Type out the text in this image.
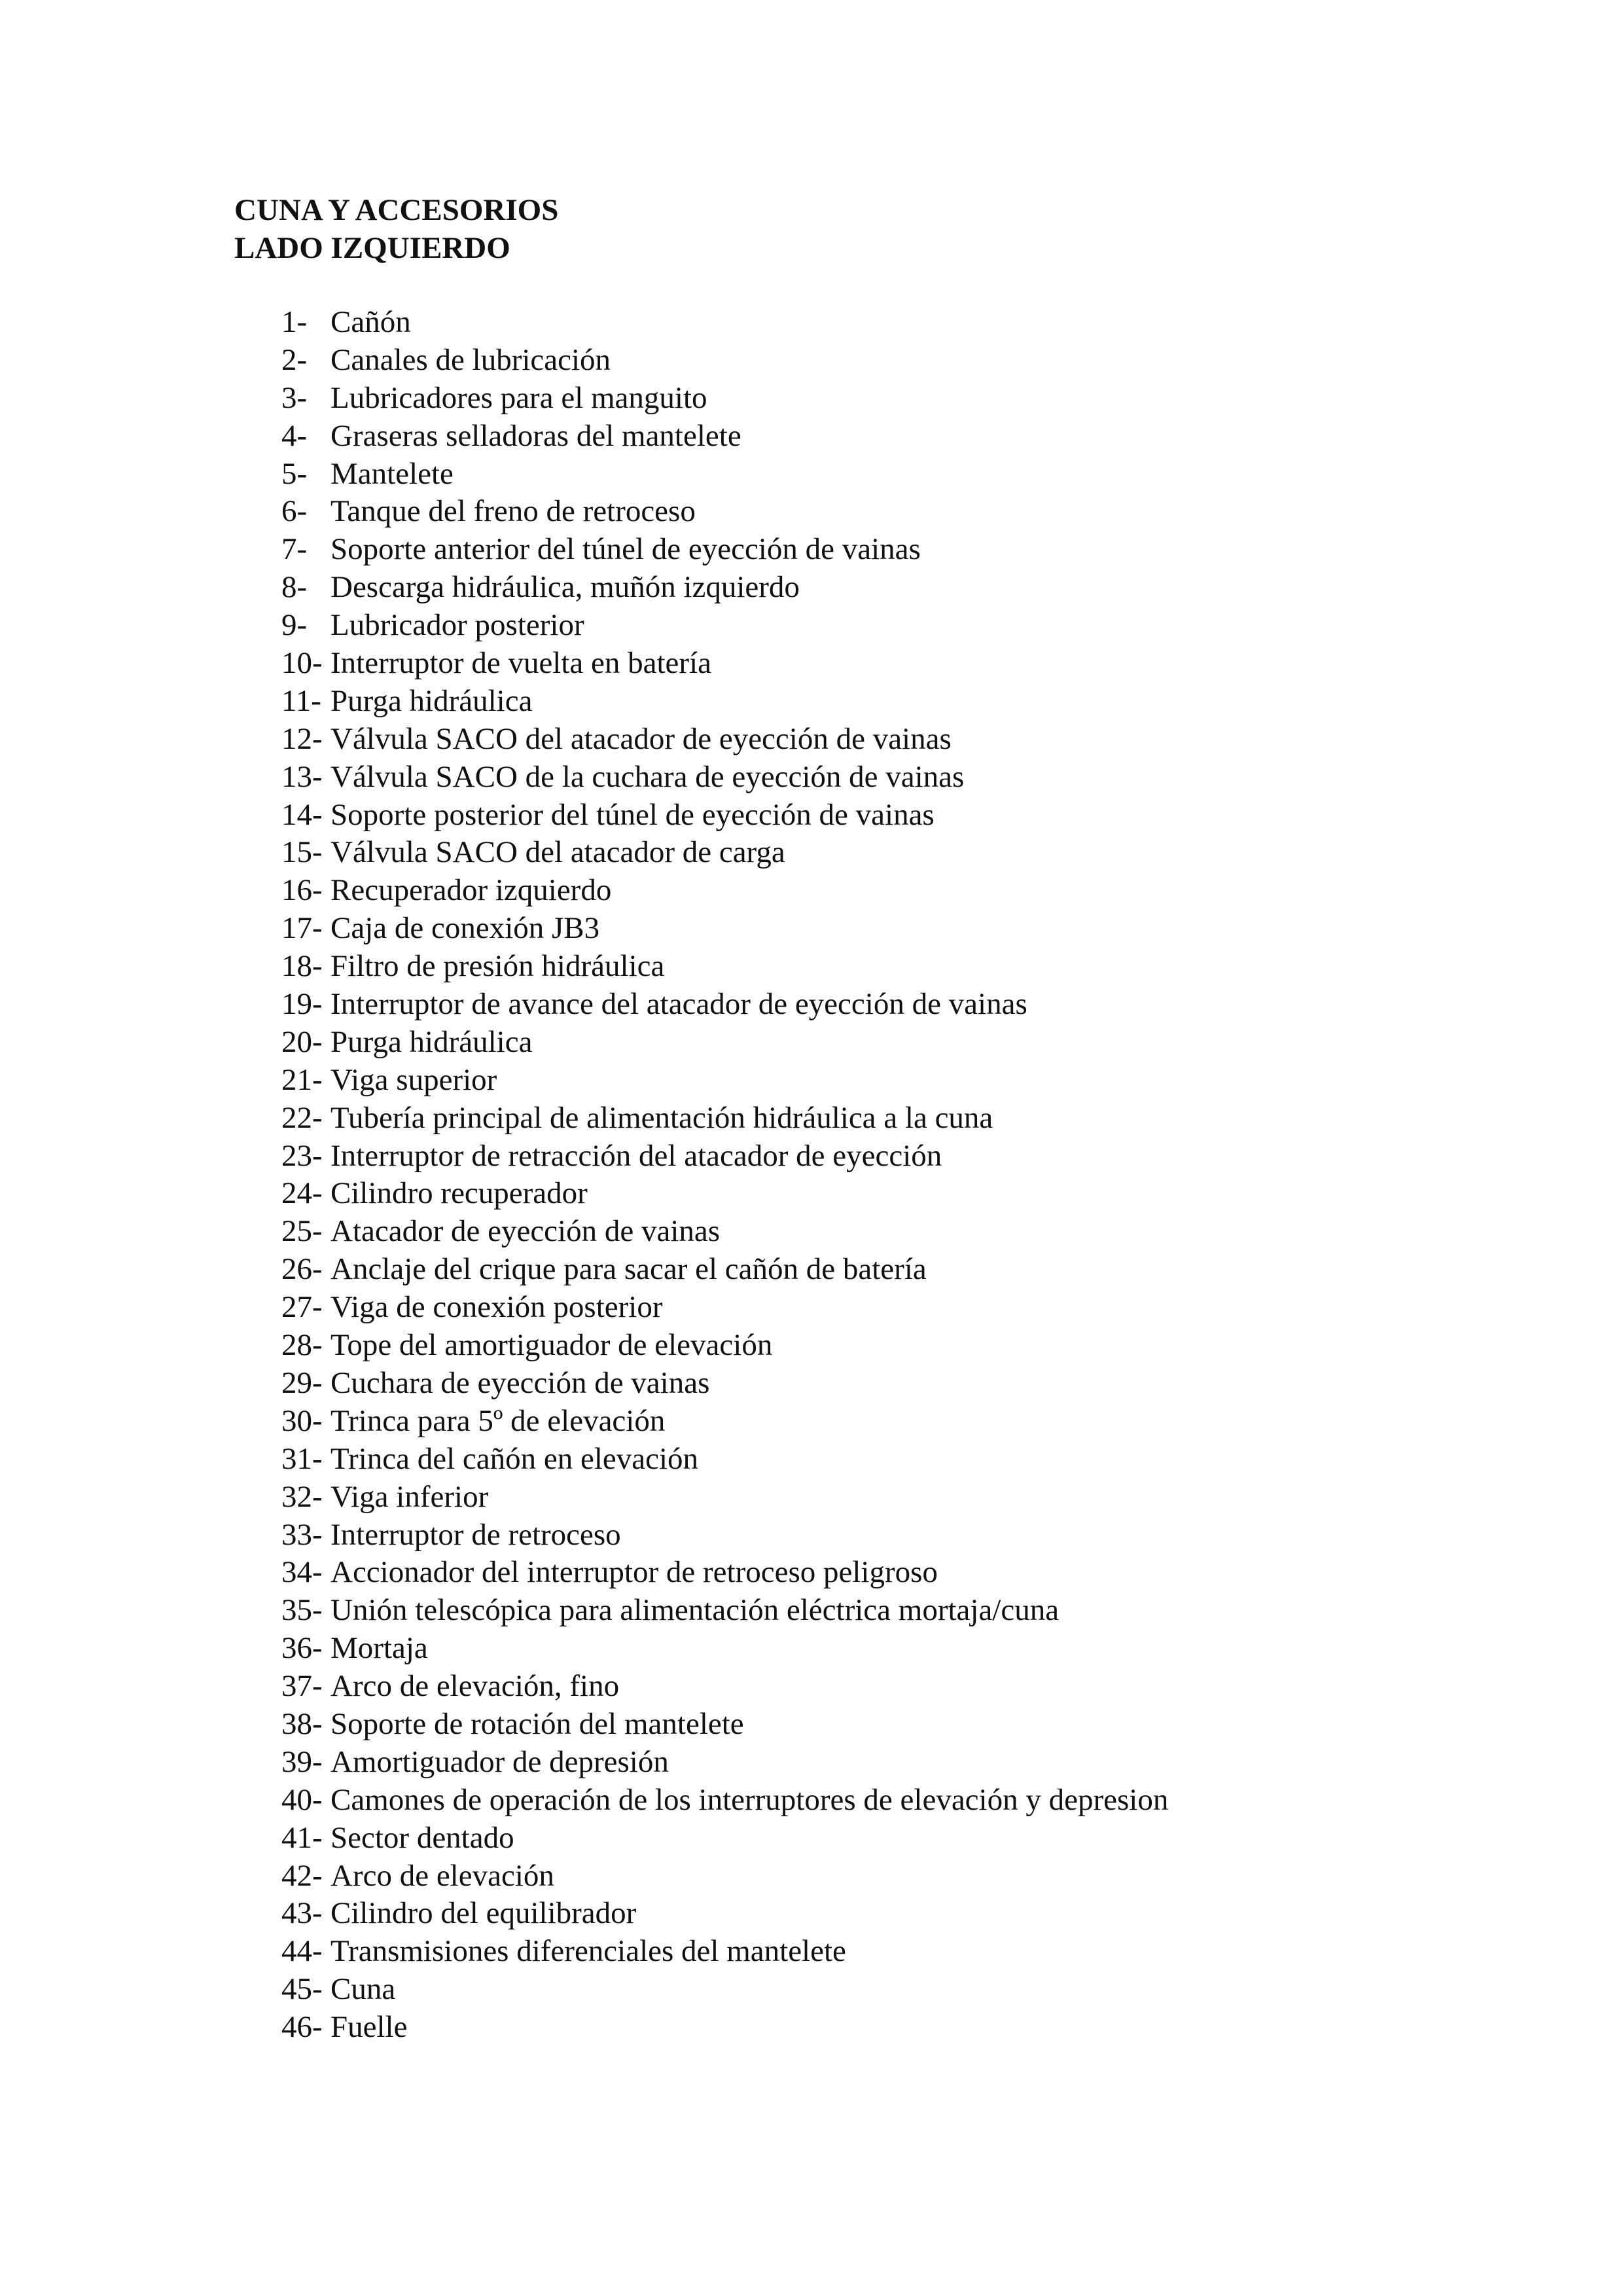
CUNA Y ACCESORIOS
LADO IZQUIERDO
1- Cañón
2- Canales de lubricación
3- Lubricadores para el manguito
4- Graseras selladoras del mantelete
5- Mantelete
6- Tanque del freno de retroceso
7- Soporte anterior del túnel de eyección de vainas
8- Descarga hidráulica, muñón izquierdo
9- Lubricador posterior
10- Interruptor de vuelta en batería
11- Purga hidráulica
12- Válvula SACO del atacador de eyección de vainas
13- Válvula SACO de la cuchara de eyección de vainas
14- Soporte posterior del túnel de eyección de vainas
15- Válvula SACO del atacador de carga
16- Recuperador izquierdo
17- Caja de conexión JB3
18- Filtro de presión hidráulica
19- Interruptor de avance del atacador de eyección de vainas
20- Purga hidráulica
21- Viga superior
22- Tubería principal de alimentación hidráulica a la cuna
23- Interruptor de retracción del atacador de eyección
24- Cilindro recuperador
25- Atacador de eyección de vainas
26- Anclaje del crique para sacar el cañón de batería
27- Viga de conexión posterior
28- Tope del amortiguador de elevación
29- Cuchara de eyección de vainas
30- Trinca para 5º de elevación
31- Trinca del cañón en elevación
32- Viga inferior
33- Interruptor de retroceso
34- Accionador del interruptor de retroceso peligroso
35- Unión telescópica para alimentación eléctrica mortaja/cuna
36- Mortaja
37- Arco de elevación, fino
38- Soporte de rotación del mantelete
39- Amortiguador de depresión
40- Camones de operación de los interruptores de elevación y depresion
41- Sector dentado
42- Arco de elevación
43- Cilindro del equilibrador
44- Transmisiones diferenciales del mantelete
45- Cuna
46- Fuelle
